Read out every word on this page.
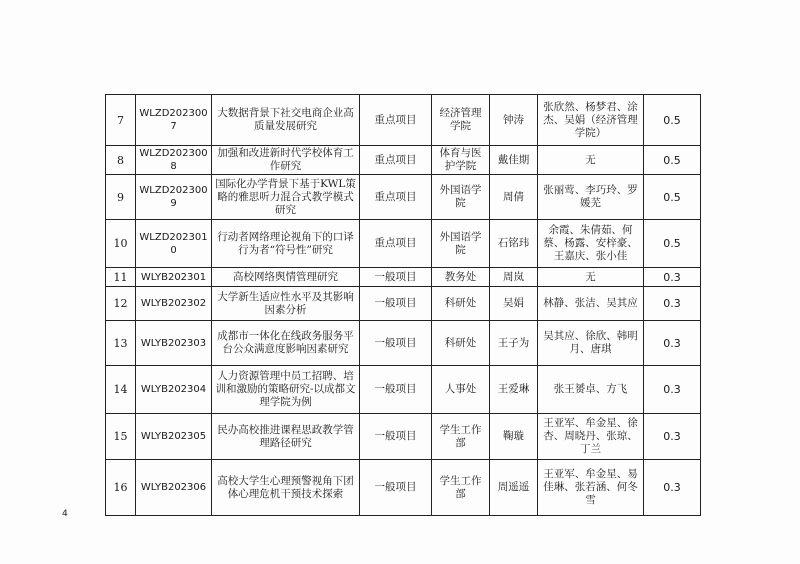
7	WLZD2023007	大数据背景下社交电商企业高质量发展研究	重点项目	经济管理学院	钟涛	张欣然、杨梦君、涂杰、吴娟（经济管理学院）	0.5
8	WLZD2023008	加强和改进新时代学校体育工作研究	重点项目	体育与医护学院	戴佳期	无	0.5
9	WLZD2023009	国际化办学背景下基于KWL策略的雅思听力混合式教学模式研究	重点项目	外国语学院	周倩	张丽莺、李巧玲、罗媛芜	0.5
10	WLZD2023010	行动者网络理论视角下的口译行为者“符号性”研究	重点项目	外国语学院	石铭玮	余霞、朱倩茹、何蔡、杨露、安梓豪、王嘉庆、张小佳	0.5
11	WLYB202301	高校网络舆情管理研究	一般项目	教务处	周岚	无	0.3
12	WLYB202302	大学新生适应性水平及其影响因素分析	一般项目	科研处	吴娟	林静、张洁、吴其应	0.3
13	WLYB202303	成都市一体化在线政务服务平台公众满意度影响因素研究	一般项目	科研处	王子为	吴其应、徐欣、韩明月、唐琪	0.3
14	WLYB202304	人力资源管理中员工招聘、培训和激励的策略研究-以成都文理学院为例	一般项目	人事处	王爱琳	张王赟卓、方飞	0.3
15	WLYB202305	民办高校推进课程思政教学管理路径研究	一般项目	学生工作部	鞠璇	王亚军、牟金星、徐杏、周晓丹、张琼、丁兰	0.3
16	WLYB202306	高校大学生心理预警视角下团体心理危机干预技术探索	一般项目	学生工作部	周遥遥	王亚军、牟金星、易佳琳、张若涵、何冬雪	0.3
4
